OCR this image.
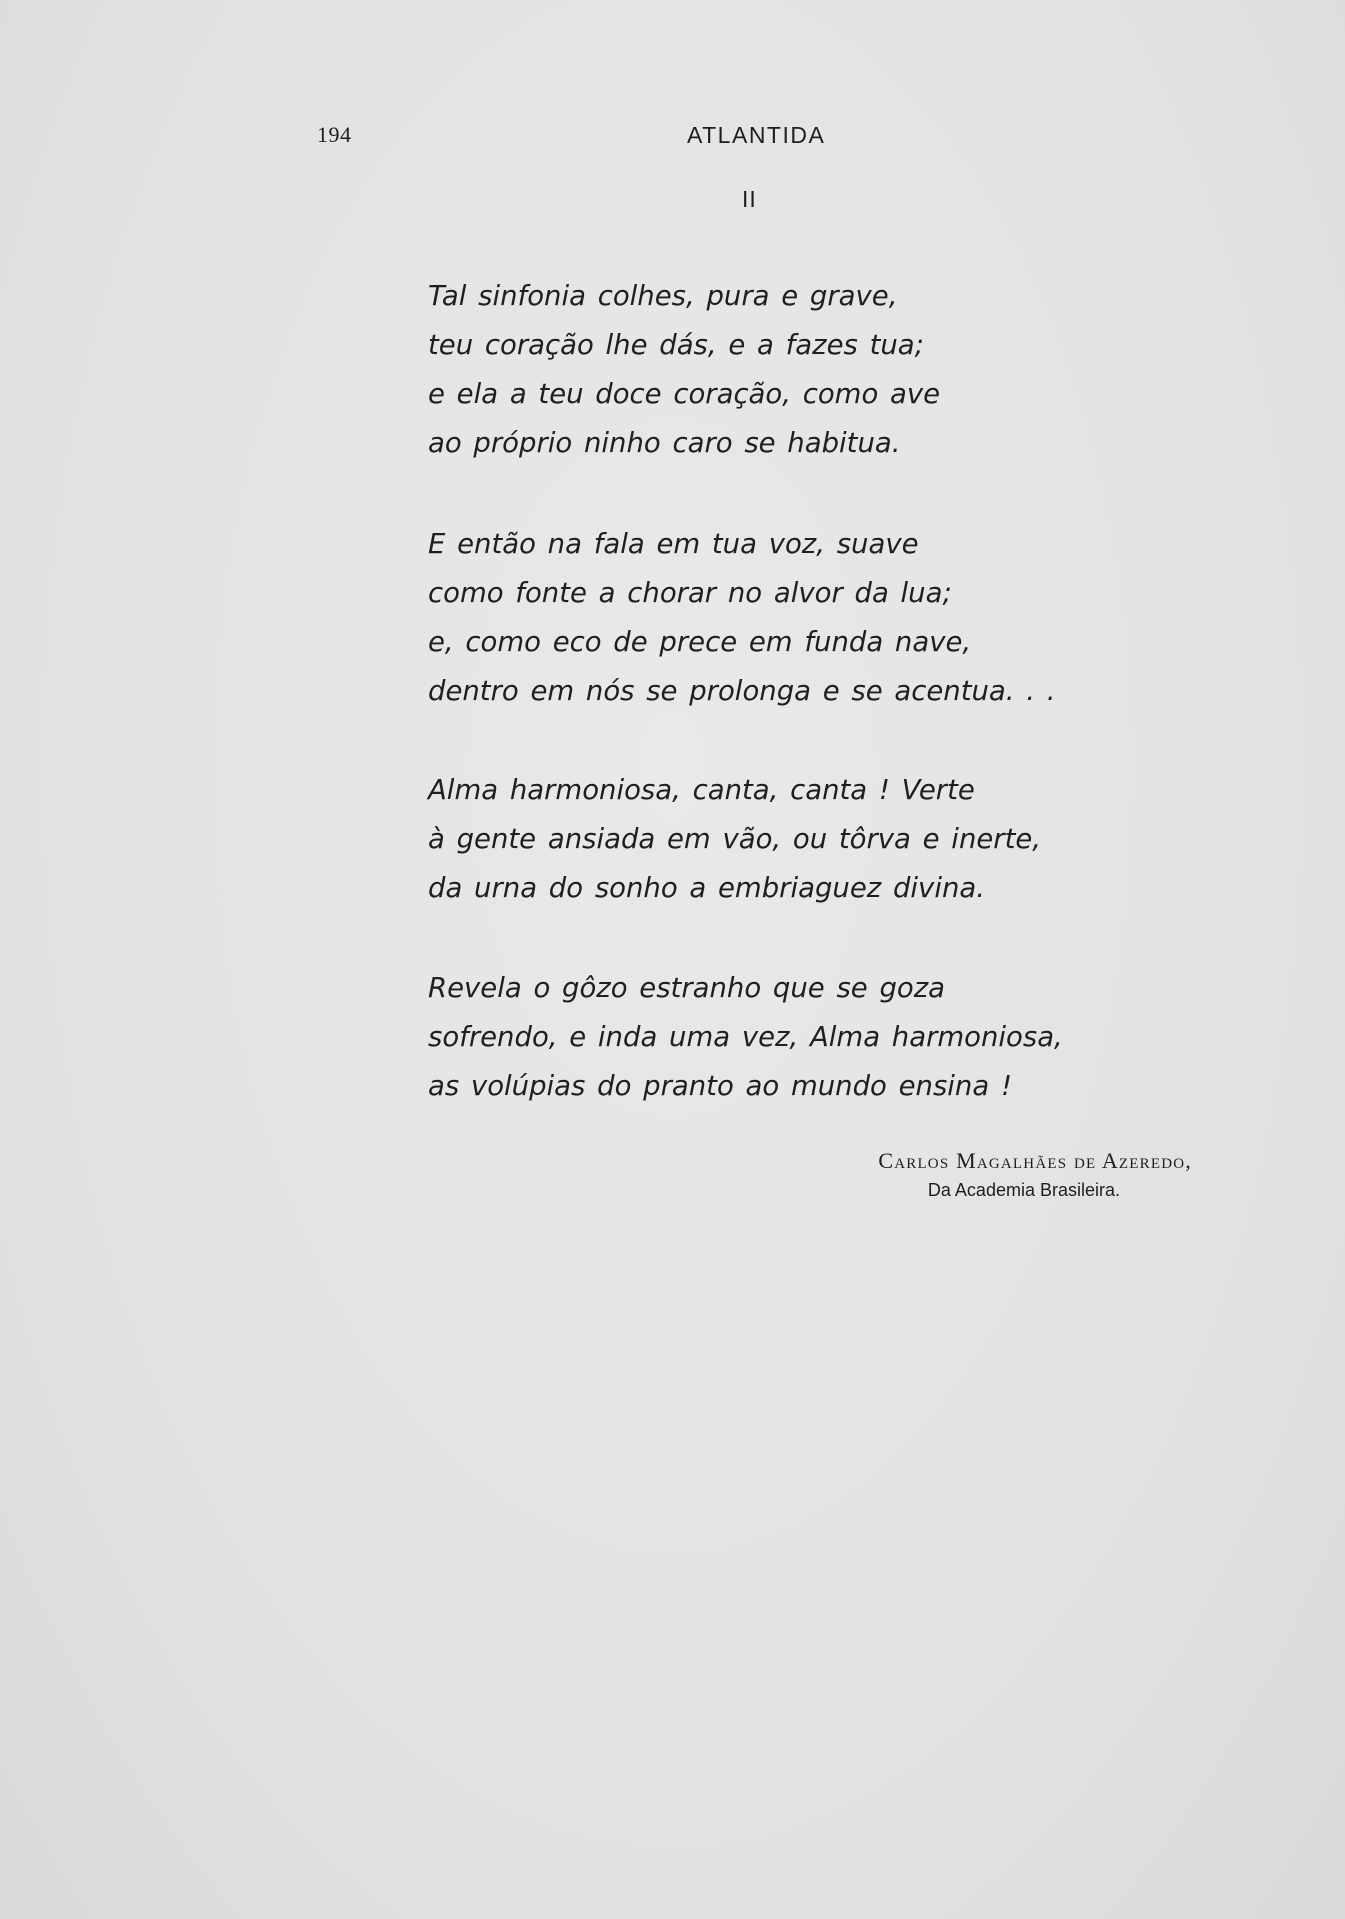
194	ATLANTIDA
II
Tal sinfonia colhes, pura e grave,
teu coração lhe dás, e a fazes tua;
e ela a teu doce coração, como ave
ao próprio ninho caro se habitua.
E então na fala em tua voz, suave
como fonte a chorar no alvor da lua;
e, como eco de prece em funda nave,
dentro em nós se prolonga e se acentua. . .
Alma harmoniosa, canta, canta ! Verte
à gente ansiada em vão, ou tôrva e inerte,
da urna do sonho a embriaguez divina.
Revela o gôzo estranho que se goza
sofrendo, e inda uma vez, Alma harmoniosa,
as volúpias do pranto ao mundo ensina !
Carlos Magalhães de Azeredo,
Da Academia Brasileira.
